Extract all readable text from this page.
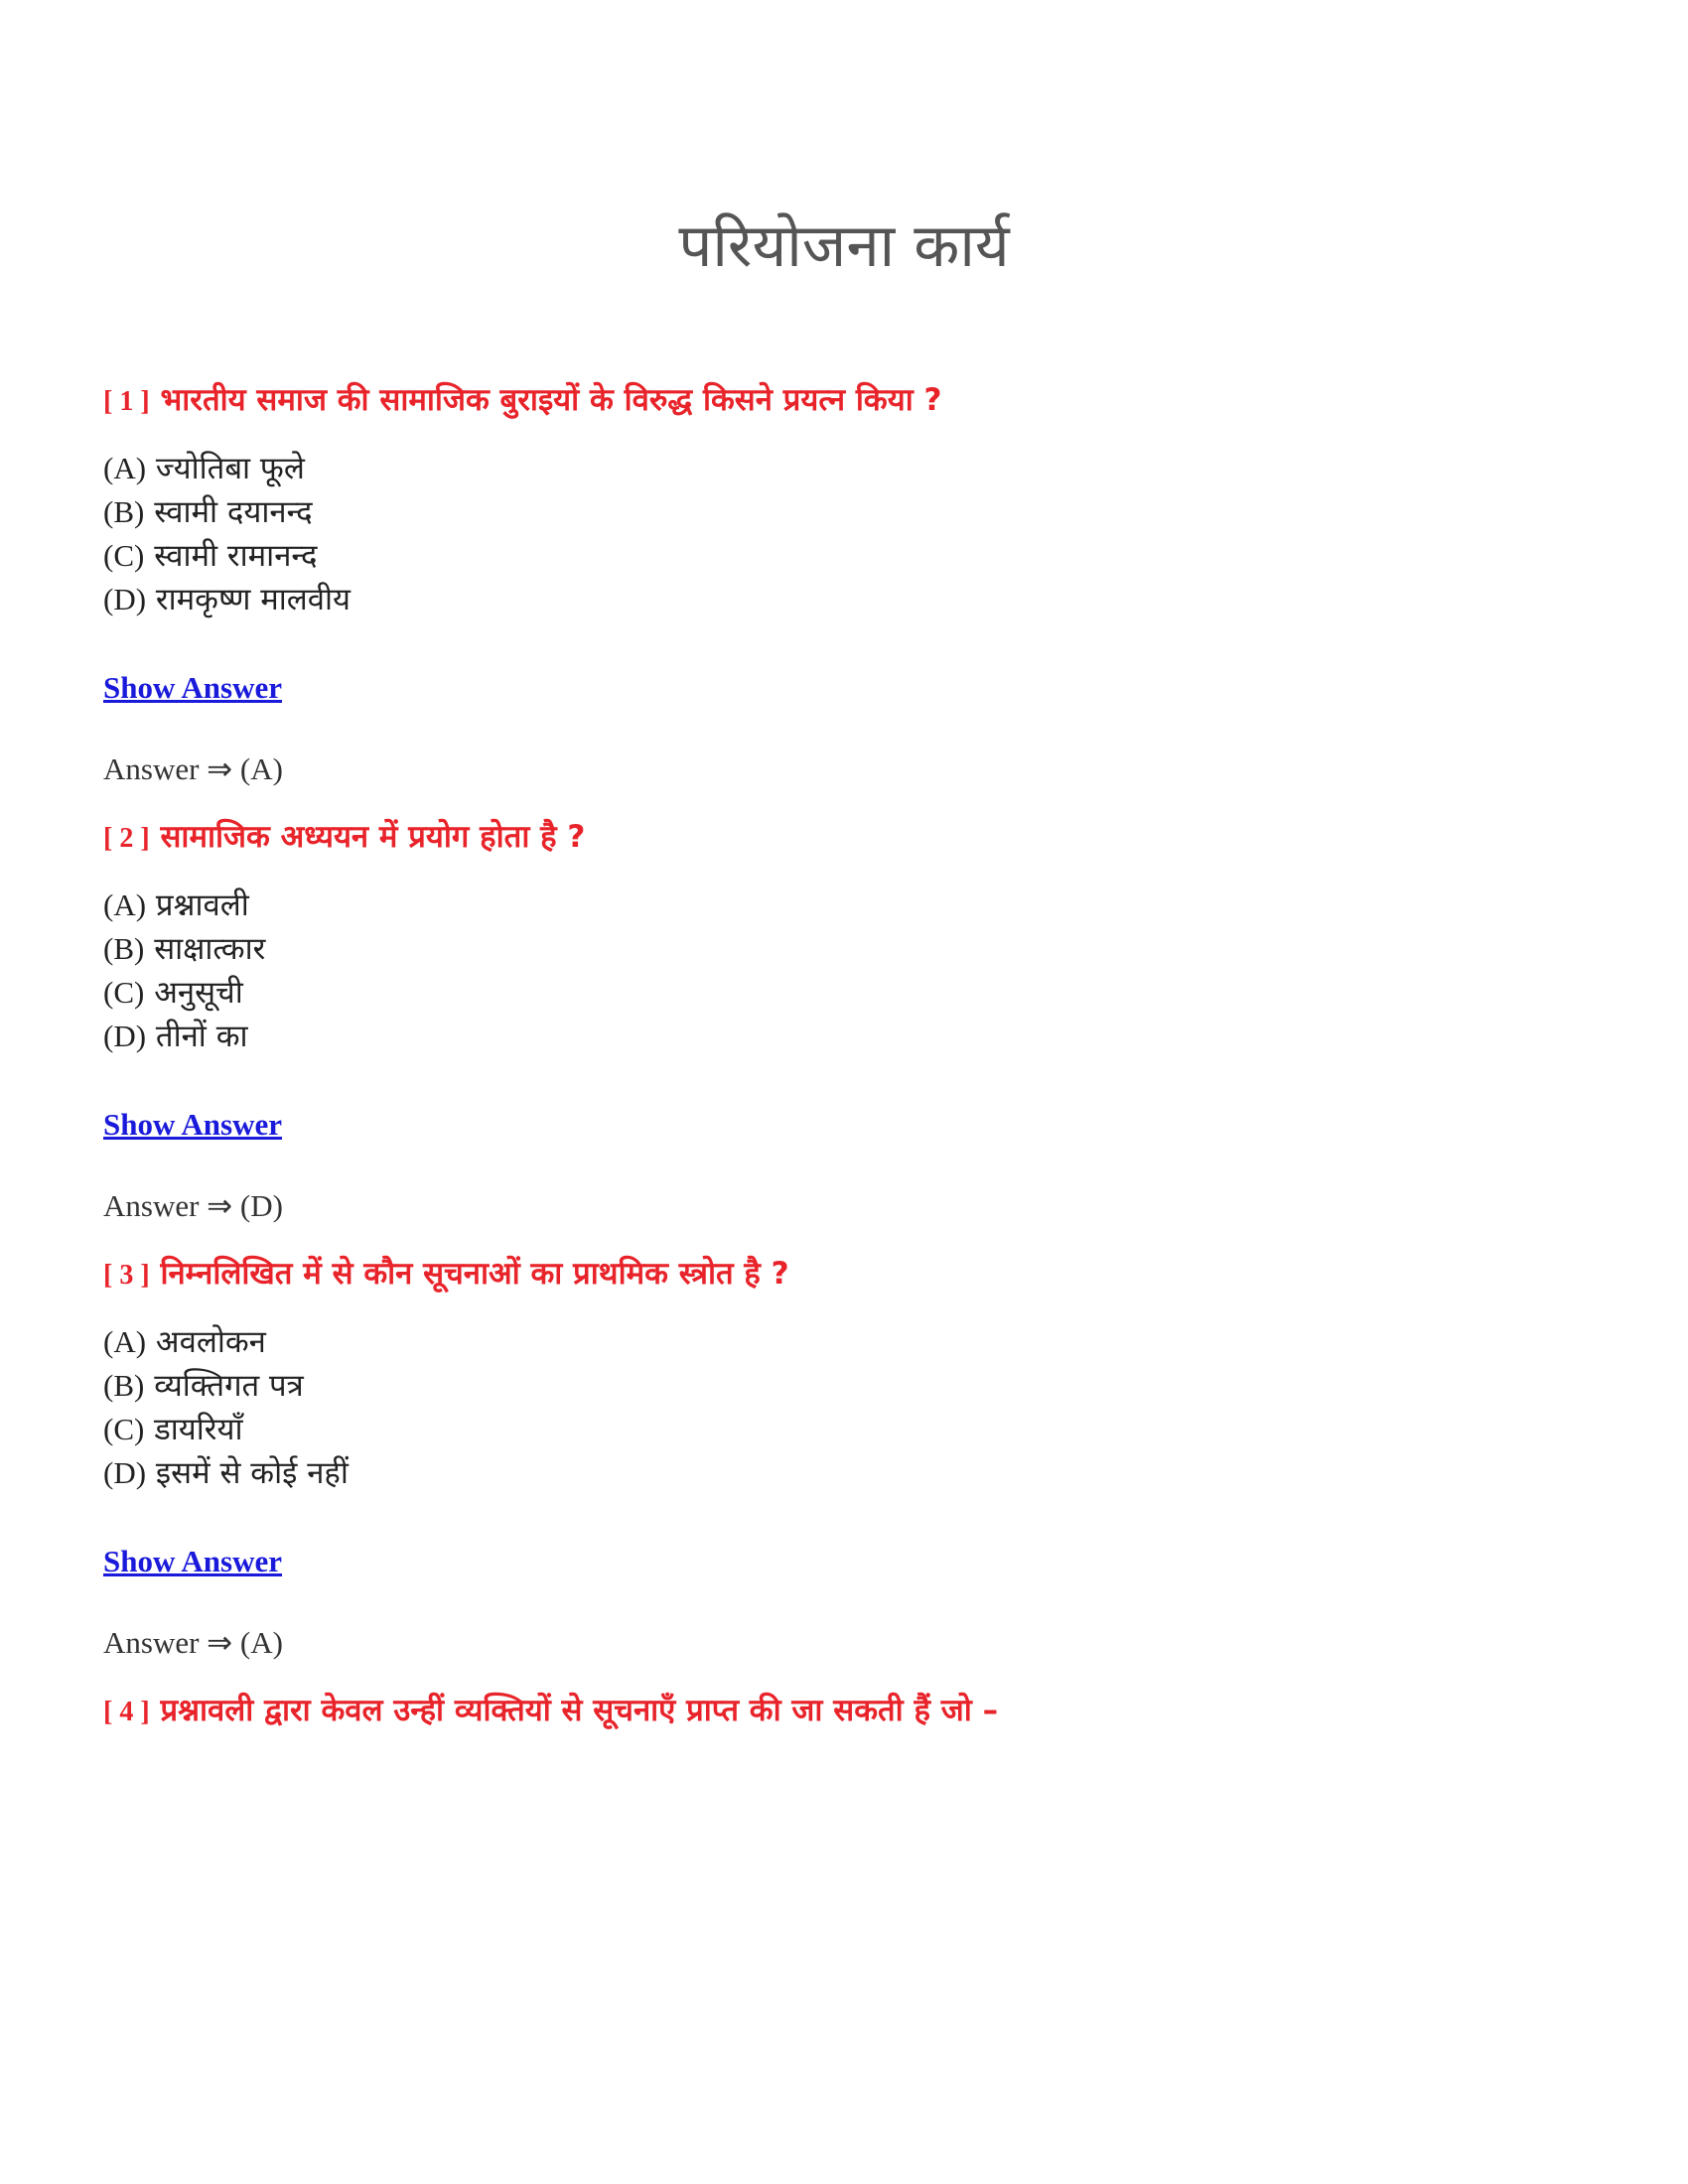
परियोजना कार्य
[ 1 ] भारतीय समाज की सामाजिक बुराइयों के विरुद्ध किसने प्रयत्न किया ?
(A) ज्योतिबा फूले
(B) स्वामी दयानन्द
(C) स्वामी रामानन्द
(D) रामकृष्ण मालवीय
Show Answer
Answer ⇒ (A)
[ 2 ] सामाजिक अध्ययन में प्रयोग होता है ?
(A) प्रश्नावली
(B) साक्षात्कार
(C) अनुसूची
(D) तीनों का
Show Answer
Answer ⇒ (D)
[ 3 ] निम्नलिखित में से कौन सूचनाओं का प्राथमिक स्त्रोत है ?
(A) अवलोकन
(B) व्यक्तिगत पत्र
(C) डायरियाँ
(D) इसमें से कोई नहीं
Show Answer
Answer ⇒ (A)
[ 4 ] प्रश्नावली द्वारा केवल उन्हीं व्यक्तियों से सूचनाएँ प्राप्त की जा सकती हैं जो –
